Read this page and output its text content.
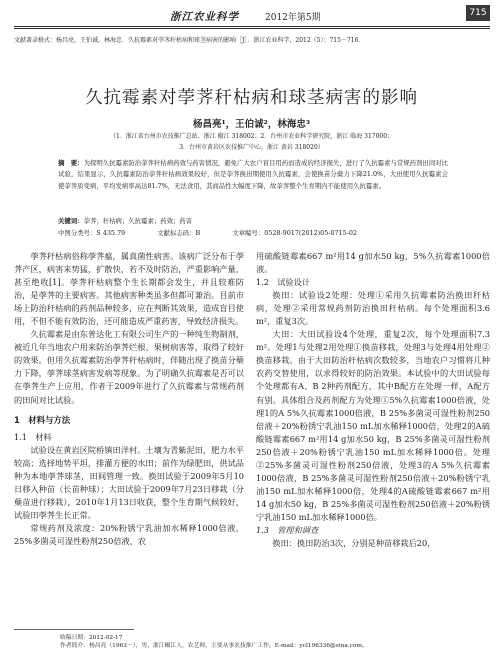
浙江农业科学	2012年第5期	715
文献著录格式：杨昌亮，王伯诚，林海忠．久抗霉素对荸荠秆枯病和球茎病害的影响［J］．浙江农业科学，2012（5）：715－716．
久抗霉素对荸荠秆枯病和球茎病害的影响
杨昌亮¹，王伯诚²，林海忠³
（1．浙江省台州市农技推广总站，浙江 椒江 318002；2．台州市农业科学研究院，浙江 临海 317000；
3．台州市黄岩区农技推广中心，浙江 黄岩 318020）
摘　要：为探明久抗霉素防治荸荠秆枯病药效与药害情况，避免广大农户盲目用药而造成的经济损失，进行了久抗霉素与常规药剂田间对比试验，结果显示，久抗霉素防治荸荠秆枯病效果较好，但是荸荠换田期使用久抗霉素，会使换苗分蘖力下降21.0%，大田使用久抗霉素会使荸荠质变病，平均发病率高达81.7%，无法食用，其商品性大幅度下降，故荸荠整个生育期内不能使用久抗霉素。
关键词：荸荠；秆枯病；久抗霉素；药效；药害
中图分类号：S 435.79	文献标志码：B	文章编号：0528-9017(2012)05-0715-02
荸荠秆枯病俗称荸荠瘟，属真菌性病害。该病广泛分布于荸荠产区，病害来势猛，扩散快，若不及时防治，严重影响产量，甚至绝收[1]。荸荠秆枯病整个生长期都会发生，并且较难防治，是荸荠的主要病害。其他病害种类虽多但都可兼治。目前市场上防治秆枯病的药剂品种较多，应在判断其效果，造成盲目使用，不但不能有效防治，还可能造成严重药害，导致经济损失。
久抗霉素是由东普达化工有限公司生产的一种纯生物制剂，被近几年当地农户用来防治荸荠烂根、果树病害等，取得了较好的效果。但用久抗霉素防治荸荠秆枯病时，伴随出现了换苗分蘖力下降，荸荠球茎病害发病等现象。为了明确久抗霉素是否可以在荸荠生产上应用，作者于2009年进行了久抗霉素与常规药剂的田间对比试验。
1　材料与方法
1.1　材料
试验设在黄岩区院桥镇田洋村。土壤为青紫泥田，肥力水平较高；选择地势平坦，排灌方便的水田；前作为绿肥田，供试品种为本地荸荠球茎，田间管理一致。换田试验于2009年5月10日移入种苗（长苗种球）；大田试验于2009年7月23日移栽（分蘖苗进行移栽），2010年1月13日收获，整个生育期气候较好，试验田荸荠生长正常。
常规药剂及浓度：20%粉锈宁乳油加水稀释1000倍液，25%多菌灵可湿性粉剂250倍液，农
用硫酸链霉素667 m²用14 g加水50 kg，5%久抗霉素1000倍液。
1.2　试验设计
换田：试验设2处理：处理①采用久抗霉素防治换田秆枯病，处理②采用常规药剂防治换田秆枯病。每个处理面积3.6 m²，重复3次。
大田：大田试验设4个处理，重复2次，每个处理面积7.3 m²。处理1与处理2用处理①换苗移栽，处理3与处理4用处理②换苗移栽。由于大田防治秆枯病次数较多，当地农户习惯将几种农药交替使用，以求得较好的防治效果。本试验中的大田试验每个处理都有A、B 2种药剂配方，其中B配方在处理一样，A配方有别。具体组合及药剂配方为处理①5%久抗霉素1000倍液，处理1的A 5%久抗霉素1000倍液，B 25%多菌灵可湿性粉剂250倍液＋20%粉锈宁乳油150 mL加水稀释1000倍，处理2的A硫酸链霉素667 m²用14 g加水50 kg，B 25%多菌灵可湿性粉剂250倍液＋20%粉锈宁乳油150 mL加水稀释1000倍。处理②25%多菌灵可湿性粉剂250倍液，处理3的A 5%久抗霉素1000倍液，B 25%多菌灵可湿性粉剂250倍液＋20%粉锈宁乳油150 mL加水稀释1000倍，处理4的A硫酸链霉素667 m²用14 g加水50 kg，B 25%多菌灵可湿性粉剂250倍液＋20%粉锈宁乳油150 mL加水稀释1000倍。
1.3　管理和调查
换田：换田防治3次，分别是种苗移栽后20，
收稿日期：2012-02-17
作者简介：杨昌亮（1963－），男，浙江椒江人，农艺师，主要从事农技推广工作。E-mail：ycl196336@sina.com。
